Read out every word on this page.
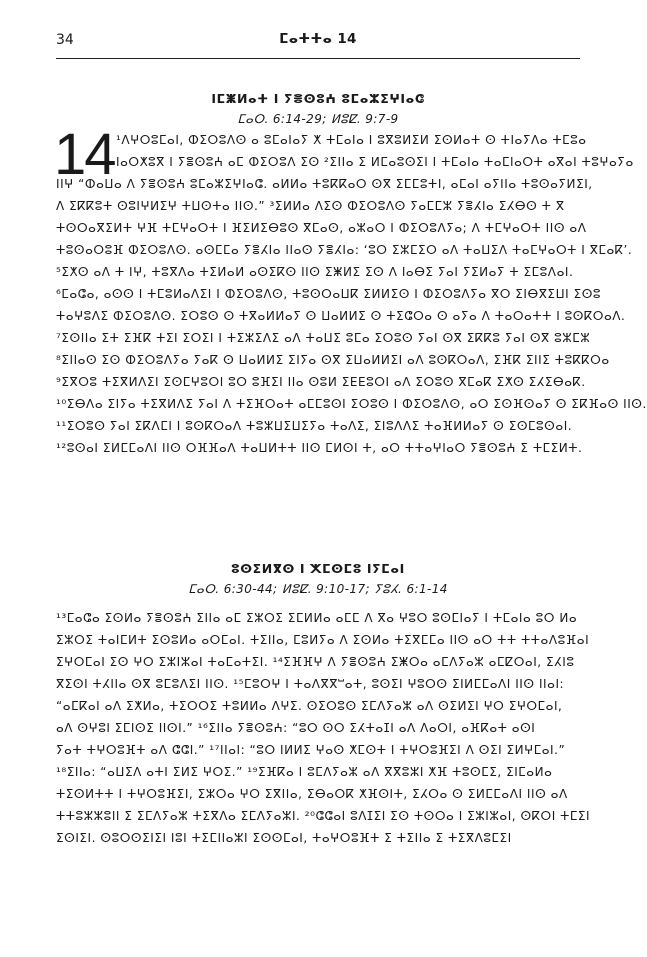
34	ⵎⴰⵜⵜⴰ 14
ⵏⵎⵥⵍⴰⵜ ⵏ ⵢⴻⵙⵓⵄ ⵓⵎⴰⵣⵉⵖⵏⴰⵛ
ⵎⴰⵔ. 6:14-29; ⵍⵓⵇ. 9:7-9
14 ¹ⴷⵖⵔⵓⵎⴰⵏ, ⵀⵉⵔⵓⴷⵙ ⴰ ⵓⵎⴰⵏⴰⵢ ⵅ ⵜⵎⴰⵏⴰ ⵏ ⵓⴳⵓⵍⵉⵍ ⵉⵙⵍⴰⵜ ⵙ ⵜⵏⴰⵢⴷⴰ ⵜⵎⵓⴰ
ⵏⴰⵔⵅⵓⴳ ⵏ ⵢⴻⵙⵓⵄ ⴰⵎ ⵀⵉⵔⵓⴷ ⵉⵙ ²ⵉⵏⵏⴰ ⵉ ⵍⵎⴰⵓⵙⵉⵏ ⵏ ⵜⵎⴰⵏⴰ ⵜⴰⵎⵏⴰⵔⵜ ⴰⴳⴰⵏ ⵜⵓⵖⴰⵢⴰ
ⵏⵏⵖ “ⵀⴰⵡⴰ ⴷ ⵢⴻⵙⵓⵄ ⵓⵎⴰⵣⵉⵖⵏⴰⵛ. ⴰⵍⵍⴰ ⵜⵓⴽⴽⴰⵔ ⵙⴳ ⵉⵎⵎⵓⵜⵏ, ⴰⵎⴰⵏ ⴰⵢⵏⵏⴰ ⵜⵓⵙⴰⵢⵍⵉⵏ,
ⴷ ⵉⴽⴽⵓⵜ ⵙⵓⵏⵖⵍⵉⵖ ⵜⵡⵙⵜⴰ ⵏⵏⵙ.” ³ⵉⵍⵍⴰ ⴷⵉⵙ ⵀⵉⵔⵓⴷⵙ ⵢⴰⵎⵎⵣ ⵢⴻⵃⵏⴰ ⵉⵃⴱⵙ ⵜ ⴳ
ⵜⵙⵔⴰⴳⵉⵍⵜ ⵖⴼ ⵜⵎⵖⴰⵔⵜ ⵏ ⴼⵉⵍⵉⴱⵓⵙ ⴳⵎⴰⵙ, ⴰⵣⴰⵔ ⵏ ⵀⵉⵔⵓⴷⵢⴰ; ⴷ ⵜⵎⵖⴰⵔⵜ ⵏⵏⵙ ⴰⴷ
ⵜⵓⵙⴰⵔⵓⴼ ⵀⵉⵔⵓⴷⵙ. ⴰⵙⵎⵎⴰ ⵢⴻⵃⵏⴰ ⵏⵏⴰⵙ ⵢⴻⵃⵏⴰ: ‘ⵓⵔ ⵉⵣⵎⵉⵔ ⴰⴷ ⵜⴰⵡⵉⴷ ⵜⴰⵎⵖⴰⵔⵜ ⵏ ⴳⵎⴰⴽ’.
⁵ⵉⵅⵙ ⴰⴷ ⵜ ⵏⵖ, ⵜⵓⴳⴷⴰ ⵜⵉⵍⴰⵍ ⴰⵙⵉⴽⵙ ⵏⵏⵙ ⵉⵥⵍⵉ ⵉⵙ ⴷ ⵏⴰⴱⵉ ⵢⴰⵏ ⵢⵉⵍⴰⵢ ⵜ ⵉⵎⵓⴷⴰⵏ.
⁶ⵎⴰⵛⴰ, ⴰⵙⵙ ⵏ ⵜⵎⵓⵍⴰⴷⵉⵏ ⵏ ⵀⵉⵔⵓⴷⵙ, ⵜⵓⵙⵔⴰⵡⴽ ⵉⵍⵍⵉⵙ ⵏ ⵀⵉⵔⵓⴷⵢⴰ ⴳⵔ ⵉⵏⴱⴳⵉⵡⵏ ⵉⵙⵓ
ⵜⴰⵖⵓⴷⵉ ⵀⵉⵔⵓⴷⵙ. ⵉⵔⵓⵙ ⵙ ⵜⴳⴰⵍⵍⴰⵢ ⵙ ⵡⴰⵍⵍⵉ ⵙ ⵜⵉⵛⵔⴰ ⵙ ⴰⵢⴰ ⴷ ⵜⴰⵔⴰⵜⵜ ⵏ ⵓⵙⴽⵔⴰⴷ.
⁷ⵉⵙⵏⵏⴰ ⵉⵜ ⵉⴼⴽ ⵜⵉⵏ ⵉⵔⵉⵏ ⵏ ⵜⵉⵣⵉⴷⵉ ⴰⴷ ⵜⴰⵡⵉ ⵓⵎⴰ ⵉⵔⵓⵙ ⵢⴰⵏ ⵙⴳ ⵉⴽⴽⵓ ⵢⴰⵏ ⵙⴳ ⵓⵣⵎⵣ
⁸ⵉⵏⵏⴰⵙ ⵉⵙ ⵀⵉⵔⵓⴷⵢⴰ ⵢⴰⴽ ⵙ ⵡⴰⵍⵍⵉ ⵉⵏⵢⴰ ⵙⴳ ⵉⵡⴰⵍⵍⵉⵏ ⴰⴷ ⵓⵙⴽⵔⴰⴷ, ⵉⴼⴽ ⵉⵏⵏⵉ ⵜⵓⴽⴽⵔⴰ
⁹ⵉⴳⵔⵓ ⵜⵉⴳⵍⴷⵉⵏ ⵉⵙⵎⵖⵓⵔⵏ ⵓⵔ ⵓⴼⵉⵏ ⵏⵏⴰ ⵙⵓⵍ ⵉⴹⴹⵓⵔⵏ ⴰⴷ ⵉⵔⵓⵙ ⴳⵎⴰⴽ ⵉⵅⵙ ⵉⵃⵉⴱⴰⴽ.
¹⁰ⵉⴱⴷⴰ ⵉⵏⵢⴰ ⵜⵉⴳⵍⴷⵉ ⵢⴰⵏ ⴷ ⵜⵉⴼⵔⴰⵜ ⴰⵎⵎⵓⵙⵏ ⵉⵔⵓⵙ ⵏ ⵀⵉⵔⵓⴷⵙ, ⴰⵔ ⵉⵙⴼⵙⴰⵢ ⵙ ⵉⴽⴼⴰⵙ ⵏⵏⵙ.
¹¹ⵉⵔⵓⵙ ⵢⴰⵏ ⵉⴽⴷⵎⵏ ⵏ ⵓⵙⴽⵔⴰⴷ ⵜⵓⵣⵡⵉⵡⵉⵢⴰ ⵜⴰⴷⵉ, ⵉⵏⵓⴷⴷⵉ ⵜⴰⴼⵍⵍⴰⵢ ⵙ ⵉⵙⵎⵓⵙⴰⵏ.
¹²ⵓⵙⴰⵏ ⵉⵍⵎⵎⴰⴷⵏ ⵏⵏⵙ ⵔⴼⴼⴰⴷ ⵜⴰⵡⵍⵜⵜ ⵏⵏⵙ ⵎⵍⵙⵏ ⵜ, ⴰⵔ ⵜⵜⴰⵖⵏⴰⵔ ⵢⴻⵙⵓⵄ ⵉ ⵜⵎⵉⵍⵜ.
ⵓⵙⵉⵍⴳⵙ ⵏ ⵅⵎⵙⵎⵓ ⵏⵢⵎⴰⵏ
ⵎⴰⵔ. 6:30-44; ⵍⵓⵇ. 9:10-17; ⵢⵓⵃ. 6:1-14
¹³ⵎⴰⵛⴰ ⵉⵙⵍⴰ ⵢⴻⵙⵓⵄ ⵉⵏⵏⴰ ⴰⵎ ⵉⵣⵔⵉ ⵉⵎⵍⵍⴰ ⴰⵎⵎ ⴷ ⴳⴰ ⵖⵓⵔ ⵓⵙⵎⵏⴰⵢ ⵏ ⵜⵎⴰⵏⴰ ⵓⵔ ⵍⴰ
ⵉⵣⵔⵉ ⵜⴰⵏⵎⵍⵜ ⵉⵙⵓⵍⴰ ⴰⵔⵎⴰⵏ. ⵜⵉⵏⵏⴰ, ⵎⵓⵍⵢⴰ ⴷ ⵉⵙⵍⴰ ⵜⵉⴳⵎⵎⴰ ⵏⵏⵙ ⴰⵔ ⵜⵜ ⵜⵜⴰⴷⵓⴼⴰⵏ
ⵉⵖⵔⵎⴰⵏ ⵉⵙ ⵖⵔ ⵉⵣⵏⵣⴰⵏ ⵜⴰⵎⴰⵜⵉⵏ. ¹⁴ⵉⴼⴼⵖ ⴷ ⵢⴻⵙⵓⵄ ⵉⵥⵔⴰ ⴰⵎⴷⵢⴰⵣ ⴰⵎⵇⵔⴰⵏ, ⵉⵃⵏⵓ
ⴳⵉⵙⵏ ⵜⵃⵏⵏⴰ ⵙⴳ ⵓⵎⵓⴷⵉⵏ ⵏⵏⵙ. ¹⁵ⵎⵓⵔⵖ ⵏ ⵜⴰⴷⴳⴳⵯⴰⵜ, ⵓⵙⵉⵏ ⵖⵓⵔⵙ ⵉⵏⵍⵎⵎⴰⴷⵏ ⵏⵏⵙ ⵏⵏⴰⵏ:
“ⴰⵎⴽⴰⵏ ⴰⴷ ⵉⵅⵍⴰ, ⵜⵉⵔⵔⵉ ⵜⵓⵍⵍⴰ ⴷⵖⵉ. ⵙⵉⵔⵓⵙ ⵉⵎⴷⵢⴰⵣ ⴰⴷ ⵙⵉⵍⵉⵏ ⵖⵔ ⵉⵖⵔⵎⴰⵏ,
ⴰⴷ ⵙⵖⵓⵏ ⵉⵎⵏⵙⵉ ⵏⵏⵙⵏ.” ¹⁶ⵉⵏⵏⴰ ⵢⴻⵙⵓⵄ: “ⵓⵔ ⵙⵔ ⵉⵃⵜⴰⵊⵏ ⴰⴷ ⴷⴰⵔⵏ, ⴰⴼⴽⴰⵜ ⴰⵙⵏ
ⵢⴰⵜ ⵜⵖⵔⵓⴼⵜ ⴰⴷ ⵛⵛⵏ.” ¹⁷ⵏⵏⴰⵏ: “ⵓⵔ ⵏⵍⵍⵉ ⵖⴰⵙ ⵅⵎⵙⵜ ⵏ ⵜⵖⵔⵓⴼⵉⵏ ⴷ ⵙⵉⵏ ⵉⵍⵖⵎⴰⵏ.”
¹⁸ⵉⵏⵏⴰ: “ⴰⵡⵉⴷ ⴰⵜⵏ ⵉⵍⵉ ⵖⵔⵉ.” ¹⁹ⵉⴼⴽⴰ ⵏ ⵓⵎⴷⵢⴰⵣ ⴰⴷ ⴳⴳⵓⵣⵏ ⵅⴼ ⵜⵓⵙⵎⵉ, ⵉⵏⵎⴰⵍⴰ
ⵜⵉⵙⵍⵜⵜ ⵏ ⵜⵖⵔⵓⴼⵉⵏ, ⵉⵣⵔⴰ ⵖⵔ ⵉⴳⵏⵏⴰ, ⵉⴱⴰⵔⴽ ⵅⴼⵙⵏⵜ, ⵉⵃⵔⴰ ⵙ ⵉⵍⵎⵎⴰⴷⵏ ⵏⵏⵙ ⴰⴷ
ⵜⵜⵓⵣⵣⵓⵏⵏ ⵉ ⵉⵎⴷⵢⴰⵣ ⵜⵉⴳⴷⴰ ⵉⵎⴷⵢⴰⵣⵏ. ²⁰ⵛⵛⴰⵏ ⵓⴷⵊⵉⵏ ⵉⵙ ⵜⵙⵔⴰ ⵏ ⵉⵣⵏⵣⴰⵏ, ⵙⴽⵔⵏ ⵜⵎⵉⵏ
ⵉⵙⵏⵉⵏ. ⵙⵓⵔⵙⵉⵏⵉⵏ ⵏⵓⵏ ⵜⵉⵎⵏⵏⴰⵣⵏ ⵉⵙⵙⵎⴰⵏ, ⵜⴰⵖⵔⵓⴼⵜ ⵉ ⵜⵉⵏⵏⴰ ⵉ ⵜⵉⴳⴷⵓⵎⵉⵏ
